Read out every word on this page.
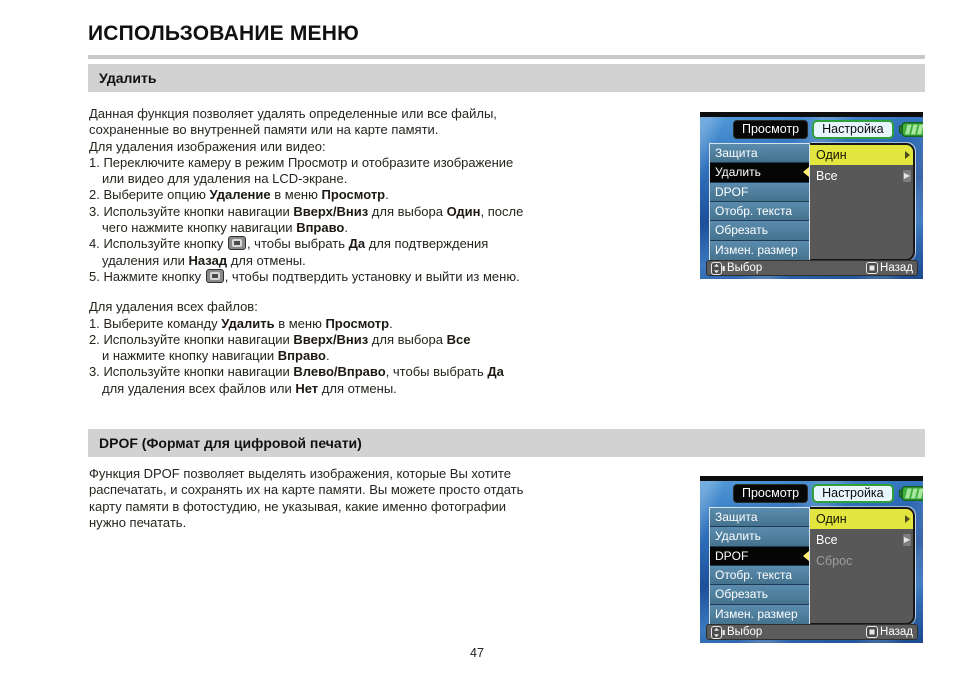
ИСПОЛЬЗОВАНИЕ МЕНЮ
Удалить
Данная функция позволяет удалять определенные или все файлы,
сохраненные во внутренней памяти или на карте памяти.
Для удаления изображения или видео:
1. Переключите камеру в режим Просмотр и отобразите изображение
или видео для удаления на LCD-экране.
2. Выберите опцию Удаление в меню Просмотр.
3. Используйте кнопки навигации Вверх/Вниз для выбора Один, после
чего нажмите кнопку навигации Вправо.
4. Используйте кнопку , чтобы выбрать Да для подтверждения
удаления или Назад для отмены.
5. Нажмите кнопку , чтобы подтвердить установку и выйти из меню.
Для удаления всех файлов:
1. Выберите команду Удалить в меню Просмотр.
2. Используйте кнопки навигации Вверх/Вниз для выбора Все
и нажмите кнопку навигации Вправо.
3. Используйте кнопки навигации Влево/Вправо, чтобы выбрать Да
для удаления всех файлов или Нет для отмены.
DPOF (Формат для цифровой печати)
Функция DPOF позволяет выделять изображения, которые Вы хотите
распечатать, и сохранять их на карте памяти. Вы можете просто отдать
карту памяти в фотостудию, не указывая, какие именно фотографии
нужно печатать.
Просмотр	Настройка
Защита
Удалить
DPOF
Отобр. текста
Обрезать
Измен. размер
Один
Все ▶
Выбор	Назад
Просмотр	Настройка
Защита
Удалить
DPOF
Отобр. текста
Обрезать
Измен. размер
Один
Все ▶
Сброс
Выбор	Назад
47
